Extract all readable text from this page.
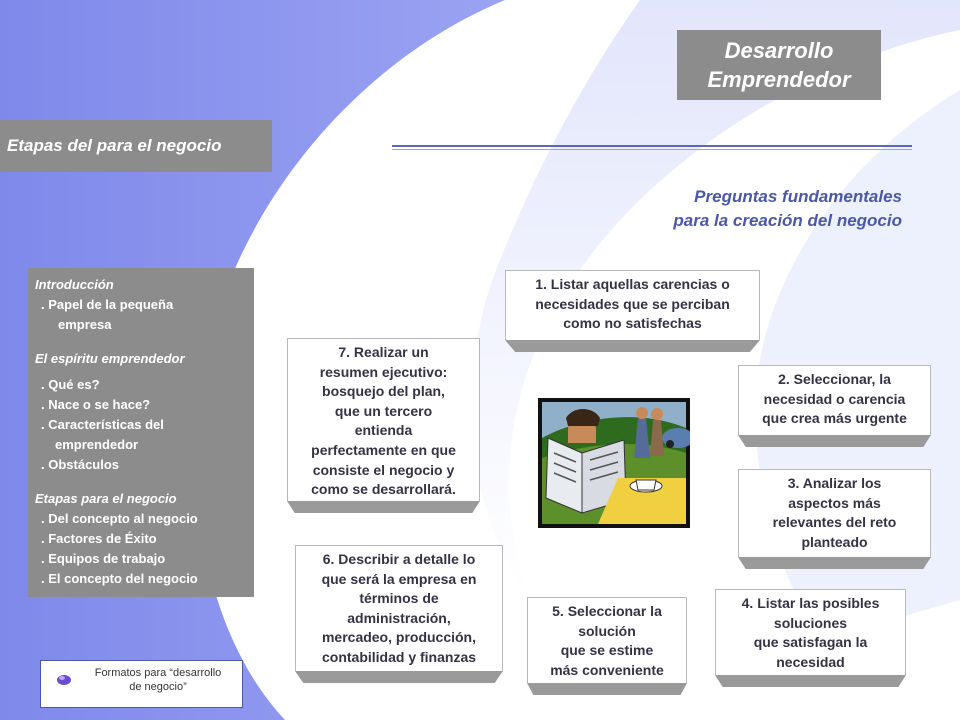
Desarrollo
Emprendedor
Etapas del para el negocio
Preguntas fundamentales
para la creación del negocio
Introducción
. Papel de la pequeña
empresa
El espíritu emprendedor
. Qué es?
. Nace o se hace?
. Características del
emprendedor
. Obstáculos
Etapas para el negocio
. Del concepto al negocio
. Factores de Éxito
. Equipos de trabajo
. El concepto del negocio
1. Listar aquellas carencias o
necesidades que se perciban
como no satisfechas
2. Seleccionar, la
necesidad o carencia
que crea más urgente
3. Analizar los
aspectos más
relevantes del reto
planteado
4. Listar las posibles
soluciones
que satisfagan la
necesidad
5. Seleccionar la
solución
que se estime
más conveniente
6. Describir a detalle lo
que será la empresa en
términos de
administración,
mercadeo, producción,
contabilidad y finanzas
7. Realizar un
resumen ejecutivo:
bosquejo del plan,
que un tercero
entienda
perfectamente en que
consiste el negocio y
como se desarrollará.
Formatos para “desarrollo
de negocio”
